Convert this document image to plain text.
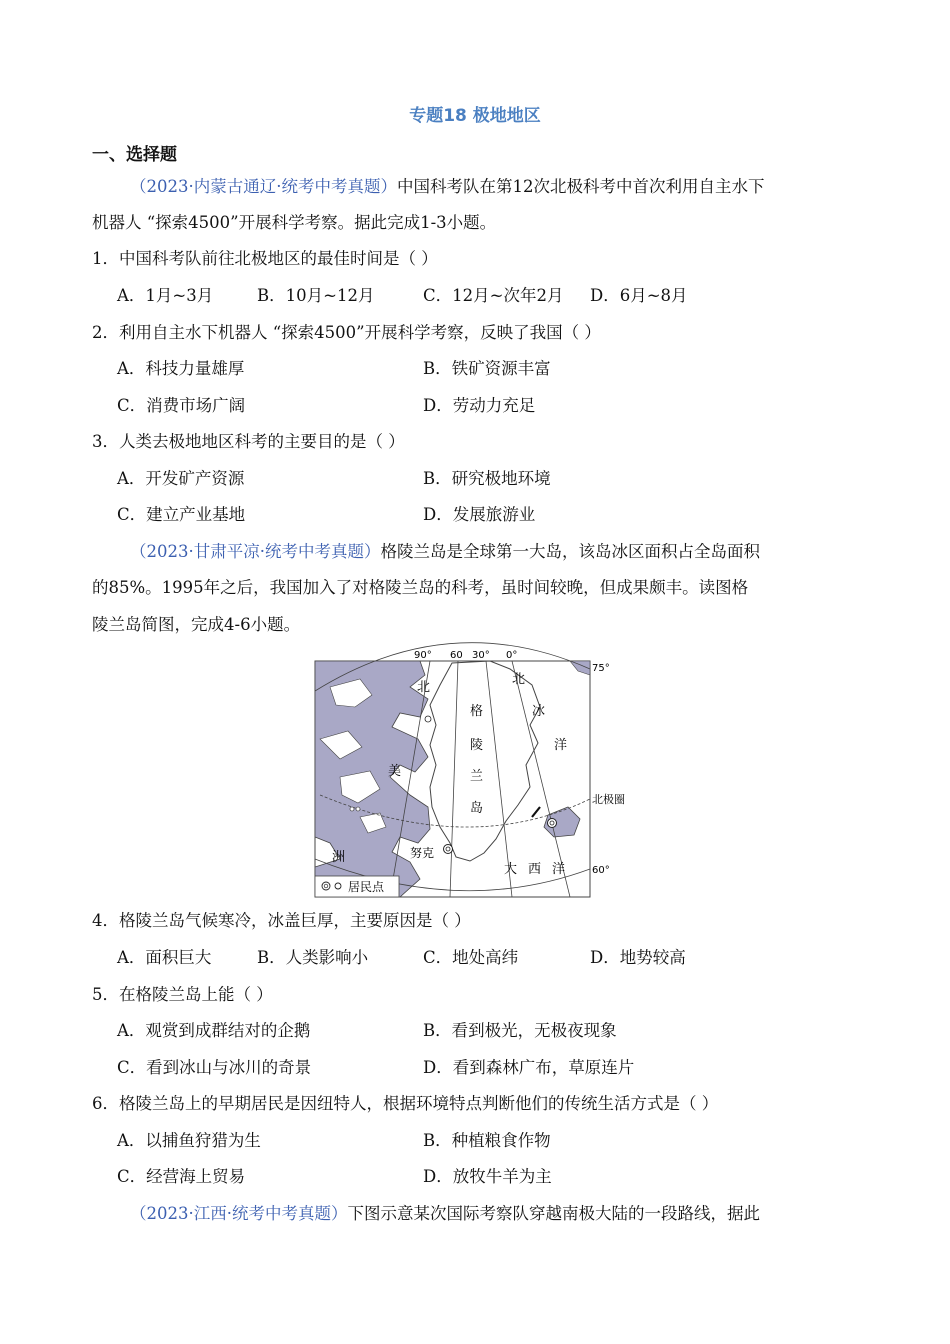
专题18 极地地区
一、选择题
（2023·内蒙古通辽·统考中考真题）中国科考队在第12次北极科考中首次利用自主水下
机器人 “探索4500”开展科学考察。据此完成1-3小题。
1．中国科考队前往北极地区的最佳时间是（ ）
A．1月~3月	B．10月~12月	C．12月~次年2月 D．6月~8月
2．利用自主水下机器人 “探索4500”开展科学考察，反映了我国（ ）
A．科技力量雄厚	B．铁矿资源丰富
C．消费市场广阔	D．劳动力充足
3．人类去极地地区科考的主要目的是（ ）
A．开发矿产资源	B．研究极地环境
C．建立产业基地	D．发展旅游业
（2023·甘肃平凉·统考中考真题）格陵兰岛是全球第一大岛，该岛冰区面积占全岛面积
的85%。1995年之后，我国加入了对格陵兰岛的科考，虽时间较晚，但成果颇丰。读图格
陵兰岛简图，完成4-6小题。
90° 60 30° 0°
75°
60°
格
陵
兰
岛
北
北
冰
洋
美
洲
大 西 洋
北极圈
努克
居民点
4．格陵兰岛气候寒冷，冰盖巨厚，主要原因是（ ）
A．面积巨大	B．人类影响小	C．地处高纬	D．地势较高
5．在格陵兰岛上能（ ）
A．观赏到成群结对的企鹅	B．看到极光，无极夜现象
C．看到冰山与冰川的奇景	D．看到森林广布，草原连片
6．格陵兰岛上的早期居民是因纽特人，根据环境特点判断他们的传统生活方式是（ ）
A．以捕鱼狩猎为生	B．种植粮食作物
C．经营海上贸易	D．放牧牛羊为主
（2023·江西·统考中考真题）下图示意某次国际考察队穿越南极大陆的一段路线，据此
